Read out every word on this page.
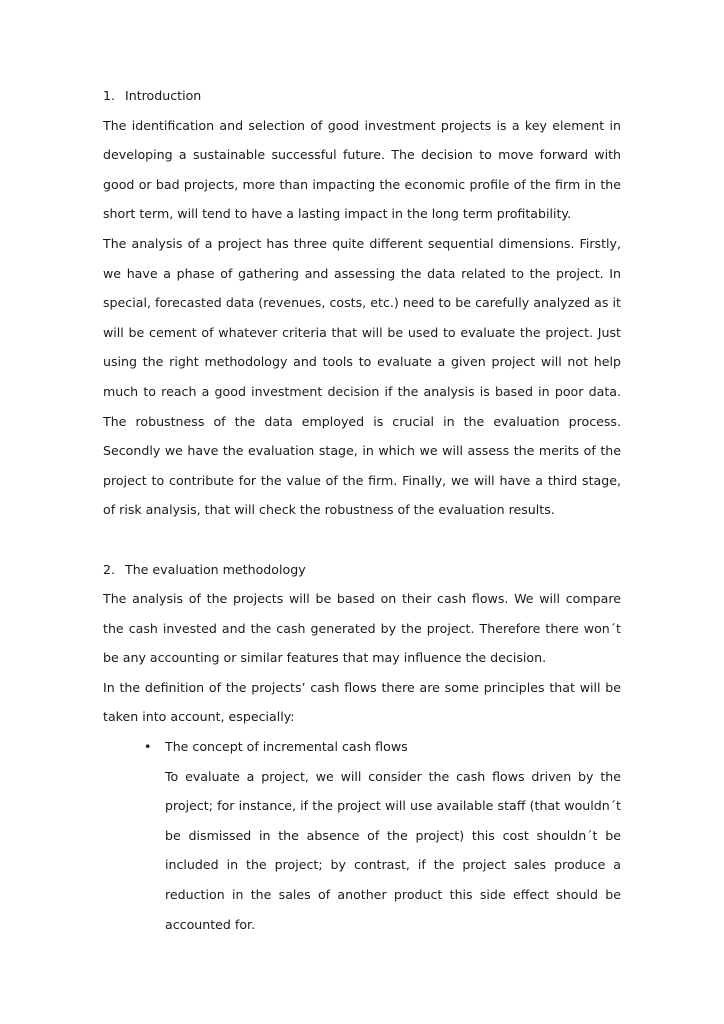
1. Introduction

The identification and selection of good investment projects is a key element in developing a sustainable successful future. The decision to move forward with good or bad projects, more than impacting the economic profile of the firm in the short term, will tend to have a lasting impact in the long term profitability.

The analysis of a project has three quite different sequential dimensions. Firstly, we have a phase of gathering and assessing the data related to the project. In special, forecasted data (revenues, costs, etc.) need to be carefully analyzed as it will be cement of whatever criteria that will be used to evaluate the project. Just using the right methodology and tools to evaluate a given project will not help much to reach a good investment decision if the analysis is based in poor data. The robustness of the data employed is crucial in the evaluation process. Secondly we have the evaluation stage, in which we will assess the merits of the project to contribute for the value of the firm. Finally, we will have a third stage, of risk analysis, that will check the robustness of the evaluation results.

2. The evaluation methodology

The analysis of the projects will be based on their cash flows. We will compare the cash invested and the cash generated by the project. Therefore there won´t be any accounting or similar features that may influence the decision.

In the definition of the projects’ cash flows there are some principles that will be taken into account, especially:

• The concept of incremental cash flows

To evaluate a project, we will consider the cash flows driven by the project; for instance, if the project will use available staff (that wouldn´t be dismissed in the absence of the project) this cost shouldn´t be included in the project; by contrast, if the project sales produce a reduction in the sales of another product this side effect should be accounted for.
